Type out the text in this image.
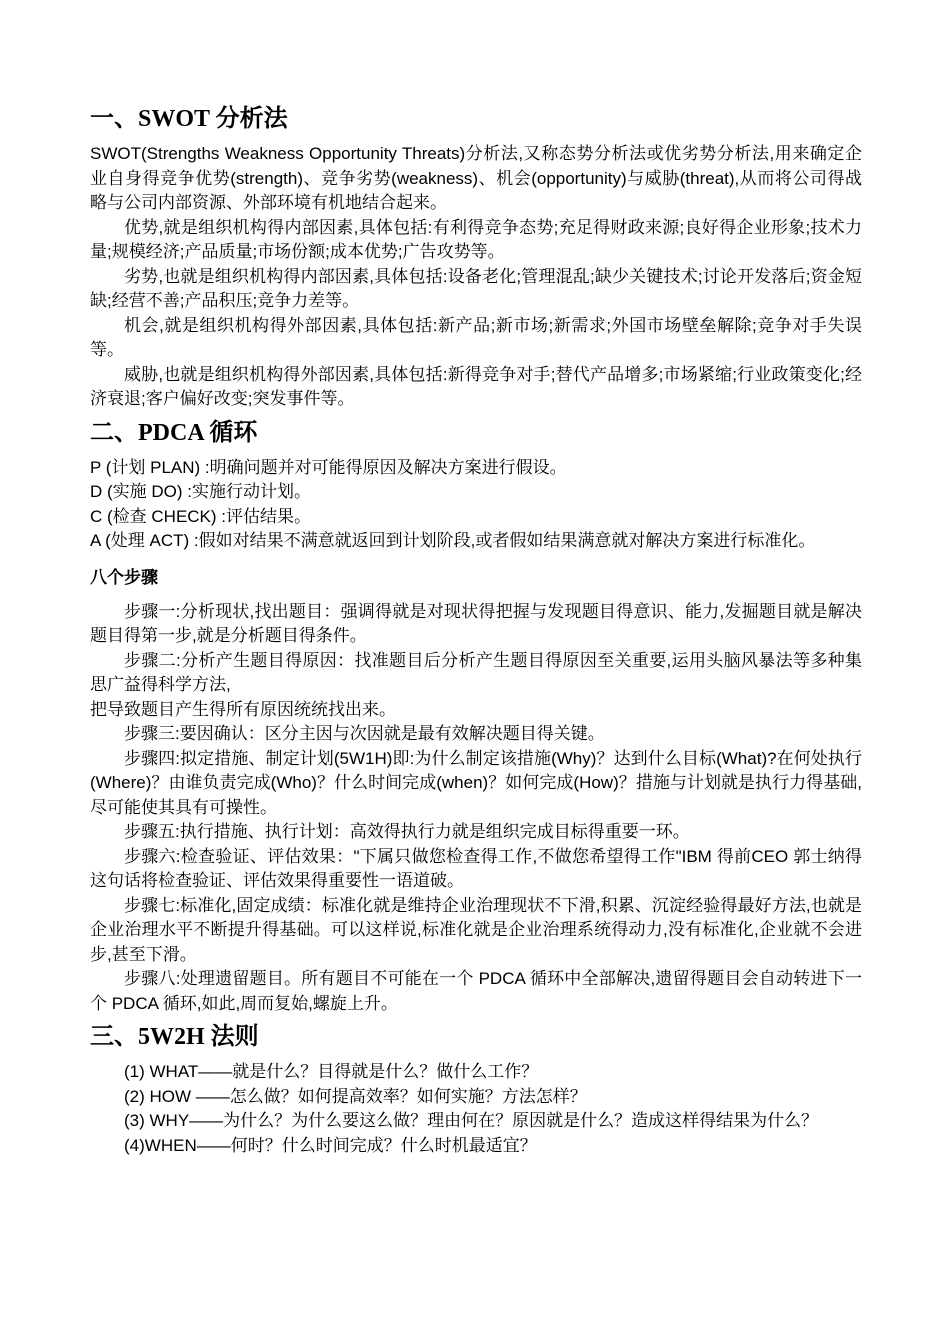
一、SWOT 分析法

SWOT(Strengths Weakness Opportunity Threats)分析法,又称态势分析法或优劣势分析法,用来确定企业自身得竞争优势(strength)、竞争劣势(weakness)、机会(opportunity)与威胁(threat),从而将公司得战略与公司内部资源、外部环境有机地结合起来。

优势,就是组织机构得内部因素,具体包括:有利得竞争态势;充足得财政来源;良好得企业形象;技术力量;规模经济;产品质量;市场份额;成本优势;广告攻势等。

劣势,也就是组织机构得内部因素,具体包括:设备老化;管理混乱;缺少关键技术;讨论开发落后;资金短缺;经营不善;产品积压;竞争力差等。

机会,就是组织机构得外部因素,具体包括:新产品;新市场;新需求;外国市场壁垒解除;竞争对手失误等。

威胁,也就是组织机构得外部因素,具体包括:新得竞争对手;替代产品增多;市场紧缩;行业政策变化;经济衰退;客户偏好改变;突发事件等。

二、PDCA 循环

P (计划 PLAN) :明确问题并对可能得原因及解决方案进行假设。

D (实施 DO) :实施行动计划。

C (检查 CHECK) :评估结果。

A (处理 ACT) :假如对结果不满意就返回到计划阶段,或者假如结果满意就对解决方案进行标准化。

八个步骤

步骤一:分析现状,找出题目：强调得就是对现状得把握与发现题目得意识、能力,发掘题目就是解决题目得第一步,就是分析题目得条件。

步骤二:分析产生题目得原因：找准题目后分析产生题目得原因至关重要,运用头脑风暴法等多种集思广益得科学方法,

把导致题目产生得所有原因统统找出来。

步骤三:要因确认：区分主因与次因就是最有效解决题目得关键。

步骤四:拟定措施、制定计划(5W1H)即:为什么制定该措施(Why)？达到什么目标(What)?在何处执行(Where)？由谁负责完成(Who)？什么时间完成(when)？如何完成(How)？措施与计划就是执行力得基础,尽可能使其具有可操性。

步骤五:执行措施、执行计划：高效得执行力就是组织完成目标得重要一环。

步骤六:检查验证、评估效果："下属只做您检查得工作,不做您希望得工作"IBM 得前CEO 郭士纳得这句话将检查验证、评估效果得重要性一语道破。

步骤七:标准化,固定成绩：标准化就是维持企业治理现状不下滑,积累、沉淀经验得最好方法,也就是企业治理水平不断提升得基础。可以这样说,标准化就是企业治理系统得动力,没有标准化,企业就不会进步,甚至下滑。

步骤八:处理遗留题目。所有题目不可能在一个 PDCA 循环中全部解决,遗留得题目会自动转进下一个 PDCA 循环,如此,周而复始,螺旋上升。

三、5W2H 法则

(1) WHAT——就是什么？目得就是什么？做什么工作？

(2) HOW ——怎么做？如何提高效率？如何实施？方法怎样？

(3) WHY——为什么？为什么要这么做？理由何在？原因就是什么？造成这样得结果为什么？

(4)WHEN——何时？什么时间完成？什么时机最适宜？
